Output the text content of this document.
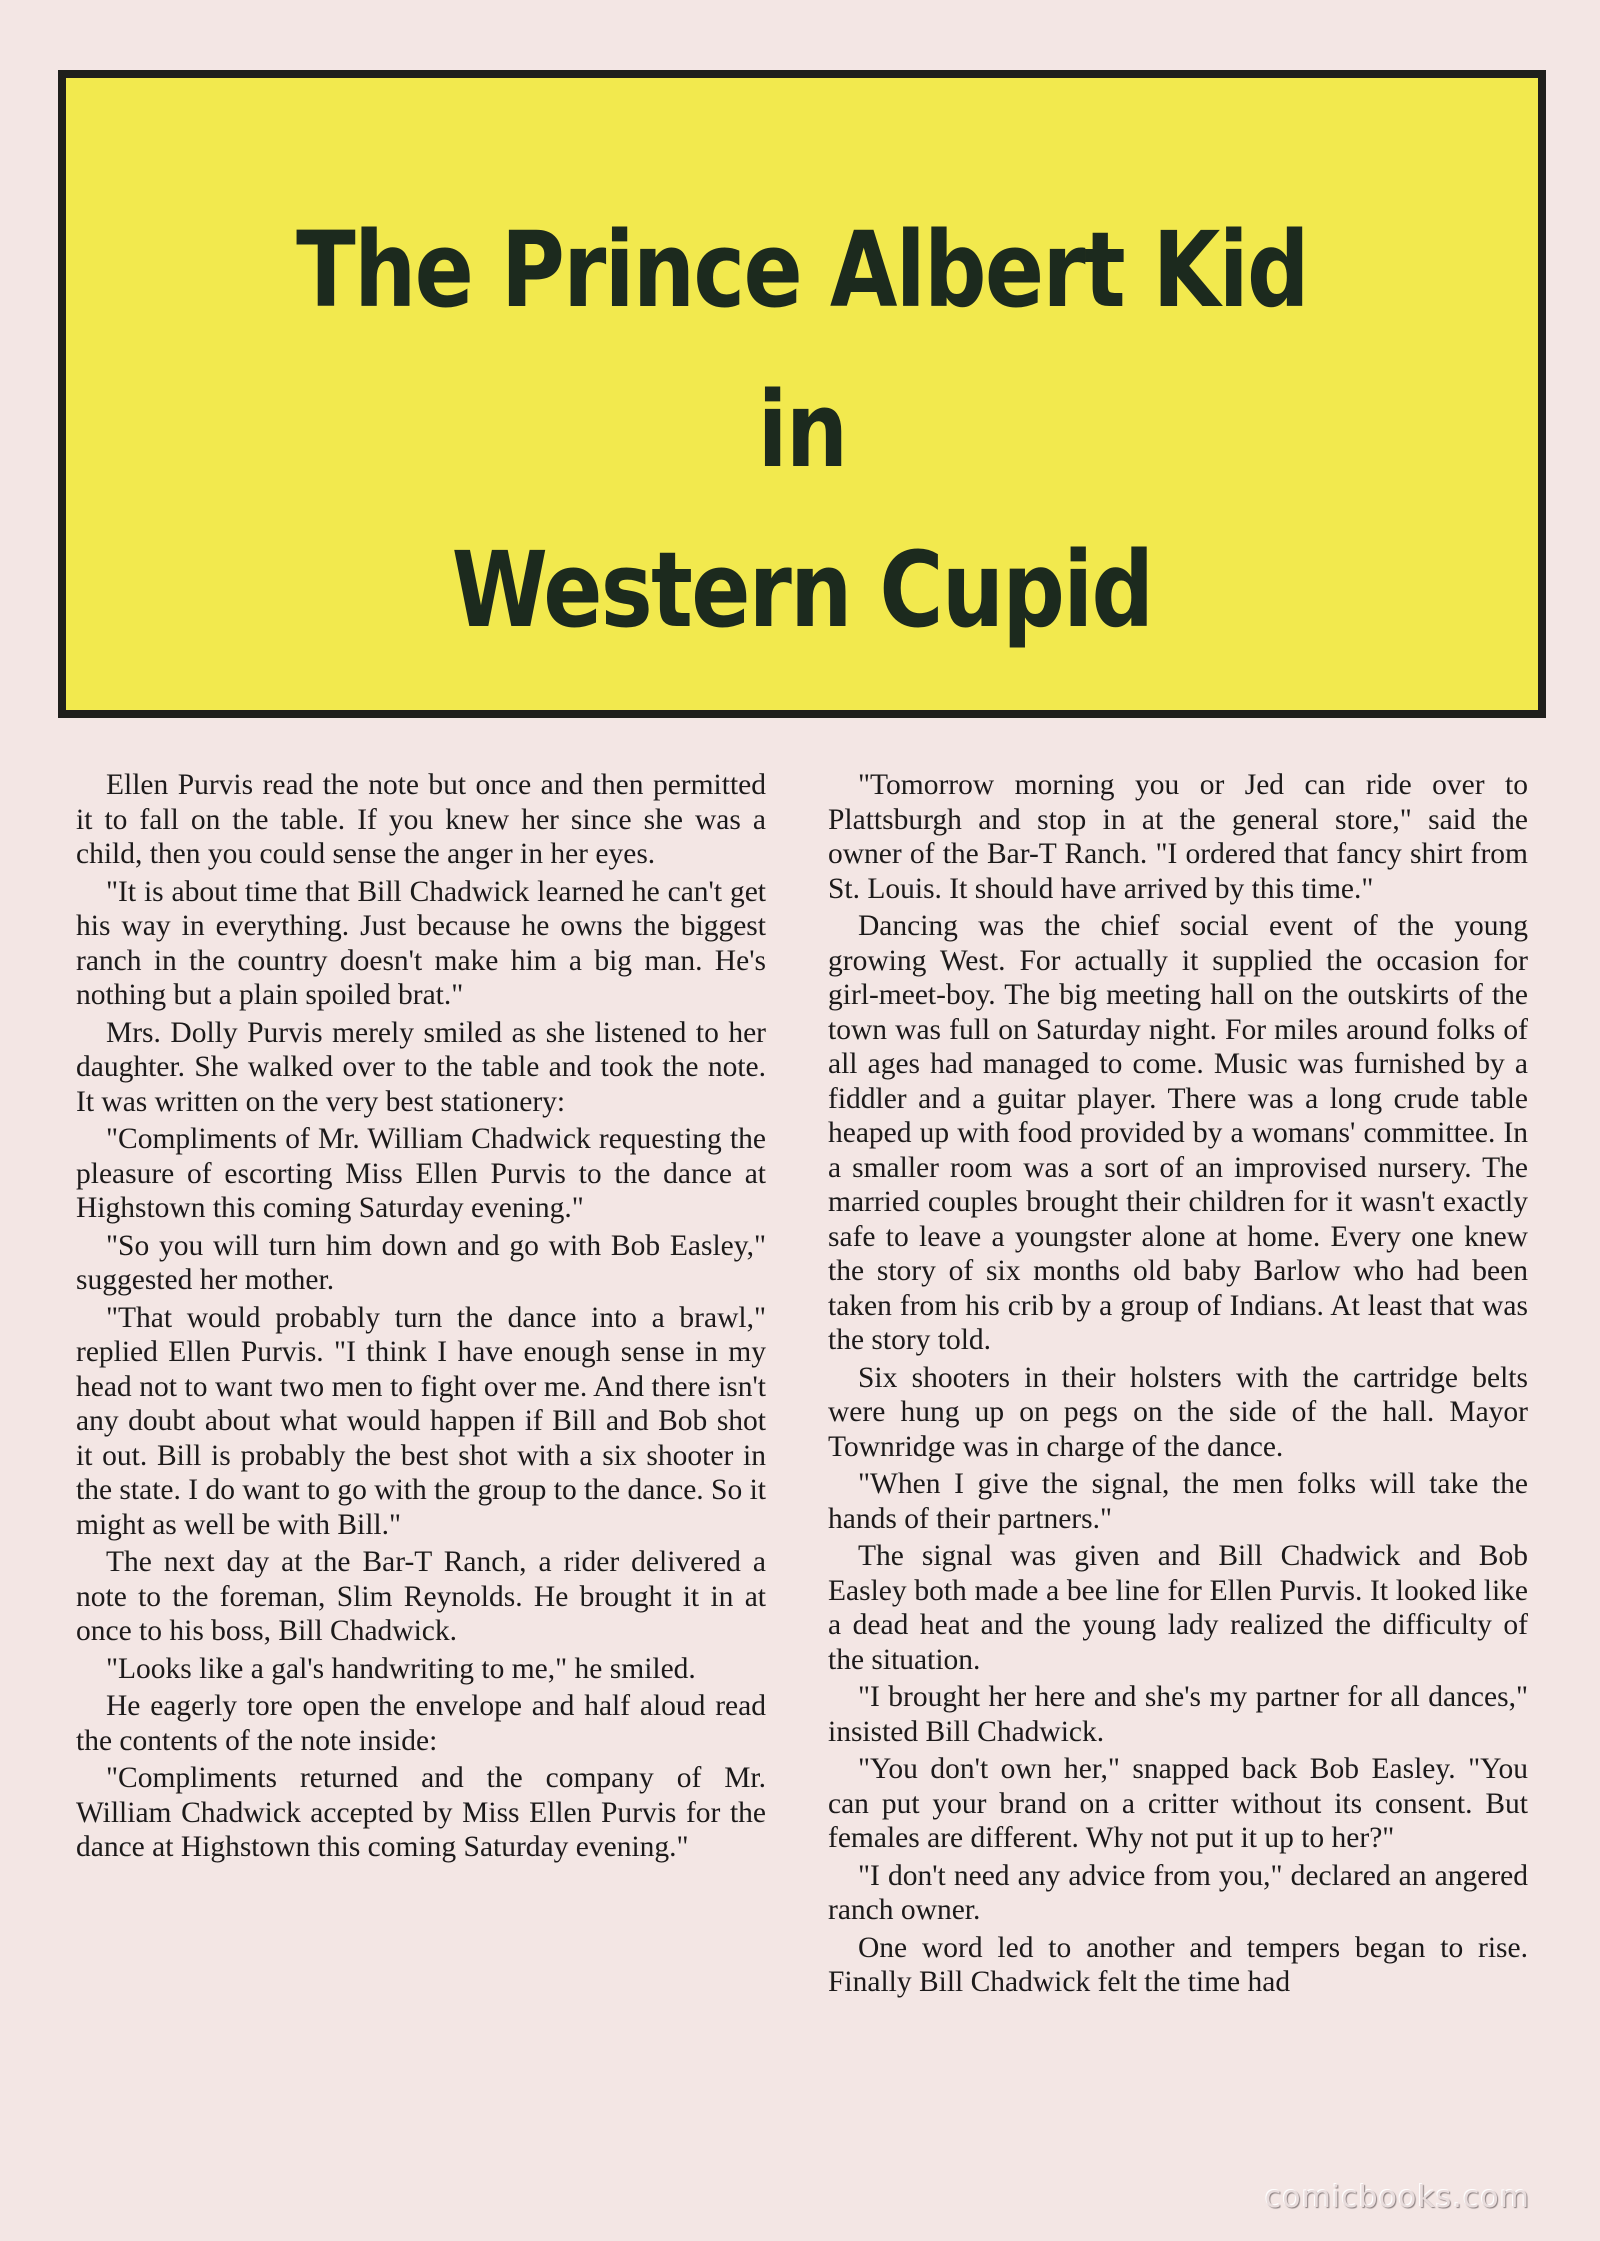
The Prince Albert Kid
in
Western Cupid

Ellen Purvis read the note but once and then permitted it to fall on the table. If you knew her since she was a child, then you could sense the anger in her eyes.

"It is about time that Bill Chadwick learned he can't get his way in everything. Just because he owns the biggest ranch in the country doesn't make him a big man. He's nothing but a plain spoiled brat."

Mrs. Dolly Purvis merely smiled as she listened to her daughter. She walked over to the table and took the note. It was written on the very best stationery:

"Compliments of Mr. William Chadwick requesting the pleasure of escorting Miss Ellen Purvis to the dance at Highstown this coming Saturday evening."

"So you will turn him down and go with Bob Easley," suggested her mother.

"That would probably turn the dance into a brawl," replied Ellen Purvis. "I think I have enough sense in my head not to want two men to fight over me. And there isn't any doubt about what would happen if Bill and Bob shot it out. Bill is probably the best shot with a six shooter in the state. I do want to go with the group to the dance. So it might as well be with Bill."

The next day at the Bar-T Ranch, a rider delivered a note to the foreman, Slim Reynolds. He brought it in at once to his boss, Bill Chadwick.

"Looks like a gal's handwriting to me," he smiled.

He eagerly tore open the envelope and half aloud read the contents of the note inside:

"Compliments returned and the company of Mr. William Chadwick accepted by Miss Ellen Purvis for the dance at Highstown this coming Saturday evening."

"Tomorrow morning you or Jed can ride over to Plattsburgh and stop in at the general store," said the owner of the Bar-T Ranch. "I ordered that fancy shirt from St. Louis. It should have arrived by this time."

Dancing was the chief social event of the young growing West. For actually it supplied the occasion for girl-meet-boy. The big meeting hall on the outskirts of the town was full on Saturday night. For miles around folks of all ages had managed to come. Music was furnished by a fiddler and a guitar player. There was a long crude table heaped up with food provided by a womans' committee. In a smaller room was a sort of an improvised nursery. The married couples brought their children for it wasn't exactly safe to leave a youngster alone at home. Every one knew the story of six months old baby Barlow who had been taken from his crib by a group of Indians. At least that was the story told.

Six shooters in their holsters with the cartridge belts were hung up on pegs on the side of the hall. Mayor Townridge was in charge of the dance.

"When I give the signal, the men folks will take the hands of their partners."

The signal was given and Bill Chadwick and Bob Easley both made a bee line for Ellen Purvis. It looked like a dead heat and the young lady realized the difficulty of the situation.

"I brought her here and she's my partner for all dances," insisted Bill Chadwick.

"You don't own her," snapped back Bob Easley. "You can put your brand on a critter without its consent. But females are different. Why not put it up to her?"

"I don't need any advice from you," declared an angered ranch owner.

One word led to another and tempers began to rise. Finally Bill Chadwick felt the time had

comicbooks.com
